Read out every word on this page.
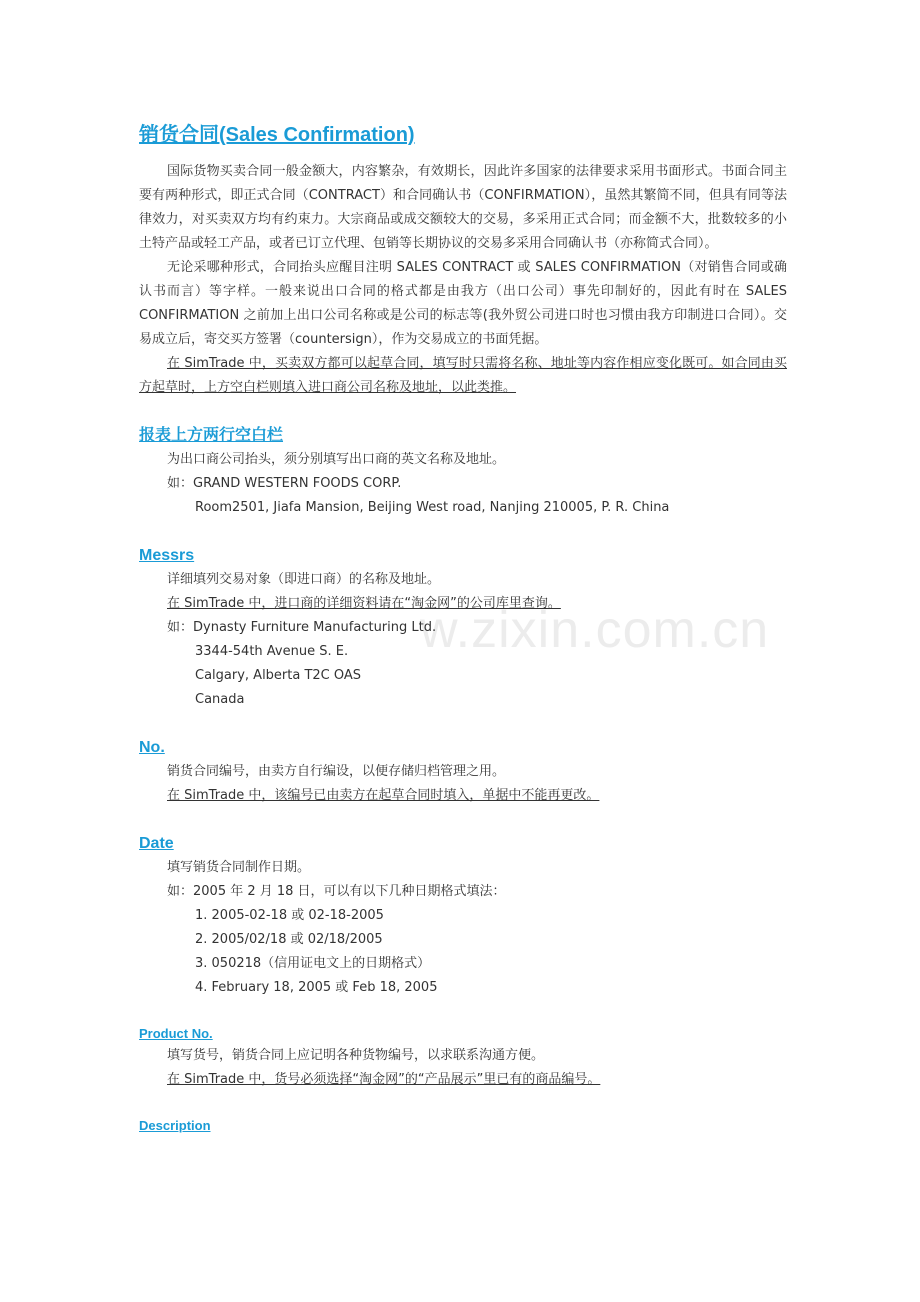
w.zixin.com.cn
销货合同(Sales Confirmation)

国际货物买卖合同一般金额大，内容繁杂，有效期长，因此许多国家的法律要求采用书面形式。书面合同主要有两种形式，即正式合同（CONTRACT）和合同确认书（CONFIRMATION），虽然其繁简不同，但具有同等法律效力，对买卖双方均有约束力。大宗商品或成交额较大的交易，多采用正式合同；而金额不大，批数较多的小土特产品或轻工产品，或者已订立代理、包销等长期协议的交易多采用合同确认书（亦称简式合同）。

无论采哪种形式，合同抬头应醒目注明 SALES CONTRACT 或 SALES CONFIRMATION（对销售合同或确认书而言）等字样。一般来说出口合同的格式都是由我方（出口公司）事先印制好的，因此有时在 SALES CONFIRMATION 之前加上出口公司名称或是公司的标志等(我外贸公司进口时也习惯由我方印制进口合同）。交易成立后，寄交买方签署（countersign），作为交易成立的书面凭据。

在 SimTrade 中，买卖双方都可以起草合同，填写时只需将名称、地址等内容作相应变化既可。如合同由买方起草时，上方空白栏则填入进口商公司名称及地址，以此类推。

报表上方两行空白栏

为出口商公司抬头，须分别填写出口商的英文名称及地址。

如：GRAND WESTERN FOODS CORP.

Room2501, Jiafa Mansion, Beijing West road, Nanjing 210005, P. R. China

Messrs

详细填列交易对象（即进口商）的名称及地址。

在 SimTrade 中，进口商的详细资料请在“淘金网”的公司库里查询。

如：Dynasty Furniture Manufacturing Ltd.

3344-54th Avenue S. E.

Calgary, Alberta T2C OAS

Canada

No.

销货合同编号，由卖方自行编设，以便存储归档管理之用。

在 SimTrade 中，该编号已由卖方在起草合同时填入，单据中不能再更改。

Date

填写销货合同制作日期。

如：2005 年 2 月 18 日，可以有以下几种日期格式填法：

1. 2005-02-18 或 02-18-2005

2. 2005/02/18 或 02/18/2005

3. 050218（信用证电文上的日期格式）

4. February 18, 2005 或 Feb 18, 2005

Product No.

填写货号，销货合同上应记明各种货物编号，以求联系沟通方便。

在 SimTrade 中，货号必须选择“淘金网”的“产品展示”里已有的商品编号。

Description
